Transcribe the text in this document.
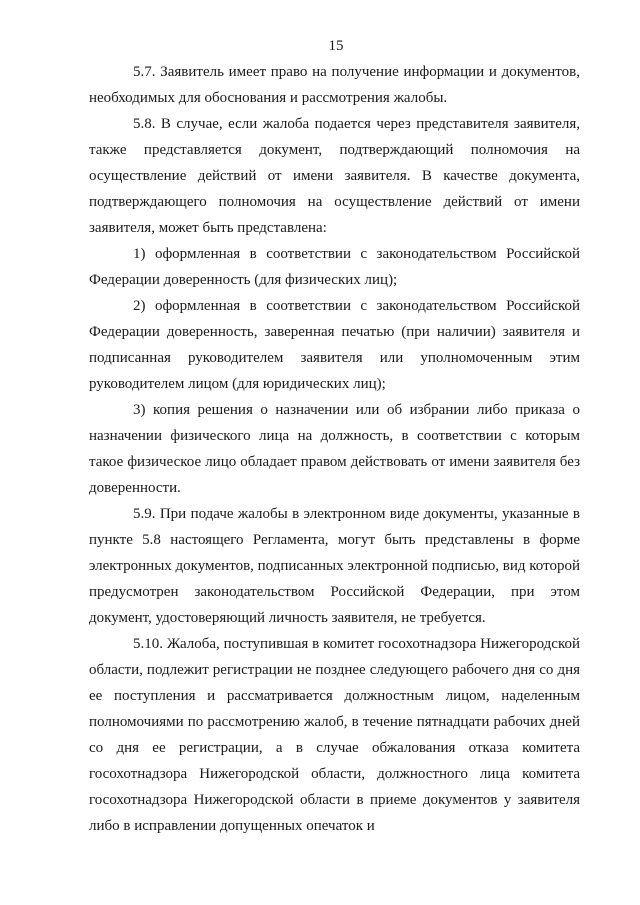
15

5.7. Заявитель имеет право на получение информации и документов, необходимых для обоснования и рассмотрения жалобы.

5.8. В случае, если жалоба подается через представителя заявителя, также представляется документ, подтверждающий полномочия на осуществление действий от имени заявителя. В качестве документа, подтверждающего полномочия на осуществление действий от имени заявителя, может быть представлена:

1) оформленная в соответствии с законодательством Российской Федерации доверенность (для физических лиц);

2) оформленная в соответствии с законодательством Российской Федерации доверенность, заверенная печатью (при наличии) заявителя и подписанная руководителем заявителя или уполномоченным этим руководителем лицом (для юридических лиц);

3) копия решения о назначении или об избрании либо приказа о назначении физического лица на должность, в соответствии с которым такое физическое лицо обладает правом действовать от имени заявителя без доверенности.

5.9. При подаче жалобы в электронном виде документы, указанные в пункте 5.8 настоящего Регламента, могут быть представлены в форме электронных документов, подписанных электронной подписью, вид которой предусмотрен законодательством Российской Федерации, при этом документ, удостоверяющий личность заявителя, не требуется.

5.10. Жалоба, поступившая в комитет госохотнадзора Нижегородской области, подлежит регистрации не позднее следующего рабочего дня со дня ее поступления и рассматривается должностным лицом, наделенным полномочиями по рассмотрению жалоб, в течение пятнадцати рабочих дней со дня ее регистрации, а в случае обжалования отказа комитета госохотнадзора Нижегородской области, должностного лица комитета госохотнадзора Нижегородской области в приеме документов у заявителя либо в исправлении допущенных опечаток и
